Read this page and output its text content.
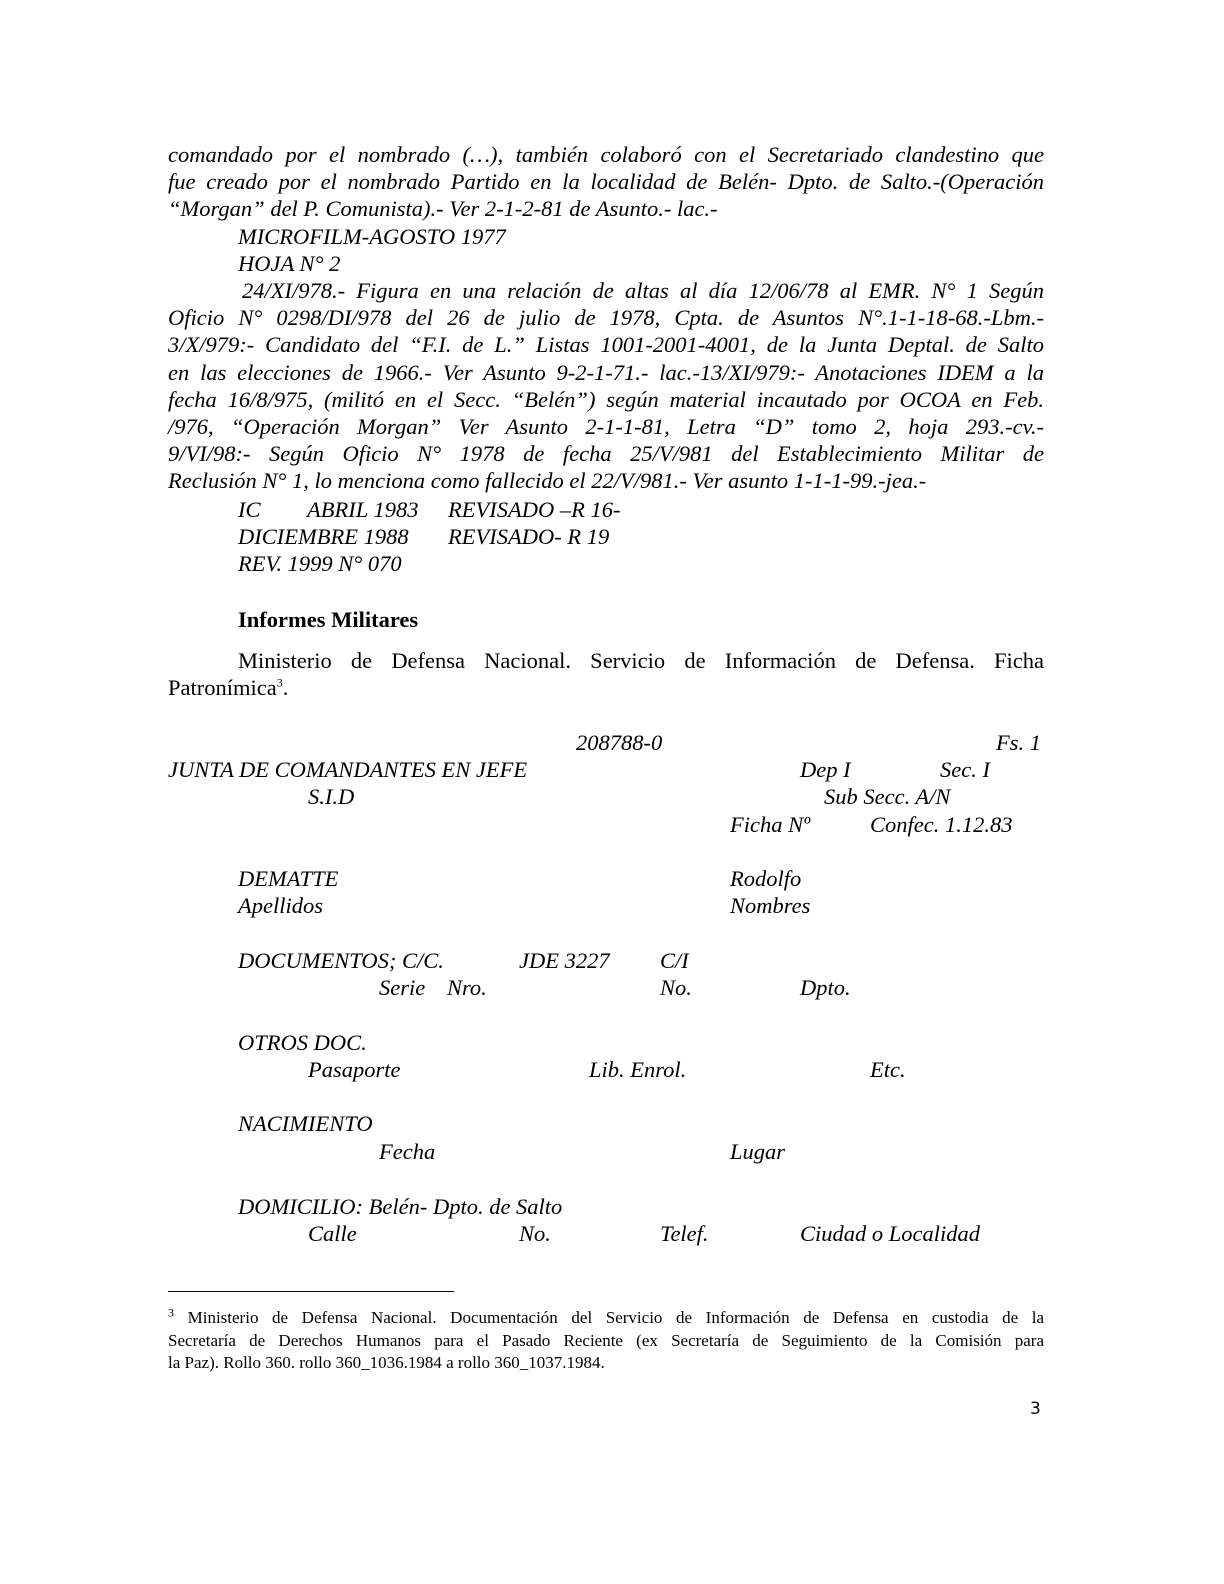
comandado por el nombrado (…), también colaboró con el Secretariado clandestino que
fue creado por el nombrado Partido en la localidad de Belén- Dpto. de Salto.-(Operación
“Morgan” del P. Comunista).- Ver 2-1-2-81 de Asunto.- lac.-
MICROFILM-AGOSTO 1977
HOJA N° 2
24/XI/978.- Figura en una relación de altas al día 12/06/78 al EMR. N° 1 Según
Oficio N° 0298/DI/978 del 26 de julio de 1978, Cpta. de Asuntos N°.1-1-18-68.-Lbm.-
3/X/979:- Candidato del “F.I. de L.” Listas 1001-2001-4001, de la Junta Deptal. de Salto
en las elecciones de 1966.- Ver Asunto 9-2-1-71.- lac.-13/XI/979:- Anotaciones IDEM a la
fecha 16/8/975, (militó en el Secc. “Belén”) según material incautado por OCOA en Feb.
/976, “Operación Morgan” Ver Asunto 2-1-1-81, Letra “D” tomo 2, hoja 293.-cv.-
9/VI/98:- Según Oficio N° 1978 de fecha 25/V/981 del Establecimiento Militar de
Reclusión N° 1, lo menciona como fallecido el 22/V/981.- Ver asunto 1-1-1-99.-jea.-
IC ABRIL 1983 REVISADO –R 16-
DICIEMBRE 1988 REVISADO- R 19
REV. 1999 N° 070
Informes Militares
Ministerio de Defensa Nacional. Servicio de Información de Defensa. Ficha
Patronímica$^3$.
208788-0	Fs. 1
JUNTA DE COMANDANTES EN JEFE	Dep I	Sec. I
S.I.D	Sub Secc. A/N
Ficha Nº	Confec. 1.12.83
DEMATTE	Rodolfo
Apellidos	Nombres
DOCUMENTOS; C/C.	JDE 3227 C/I
Serie Nro.	No.	Dpto.
OTROS DOC.
Pasaporte	Lib. Enrol.	Etc.
NACIMIENTO
Fecha	Lugar
DOMICILIO: Belén- Dpto. de Salto
Calle	No.	Telef.	Ciudad o Localidad
$^3$ Ministerio de Defensa Nacional. Documentación del Servicio de Información de Defensa en custodia de la
Secretaría de Derechos Humanos para el Pasado Reciente (ex Secretaría de Seguimiento de la Comisión para
la Paz). Rollo 360. rollo 360_1036.1984 a rollo 360_1037.1984.
3
